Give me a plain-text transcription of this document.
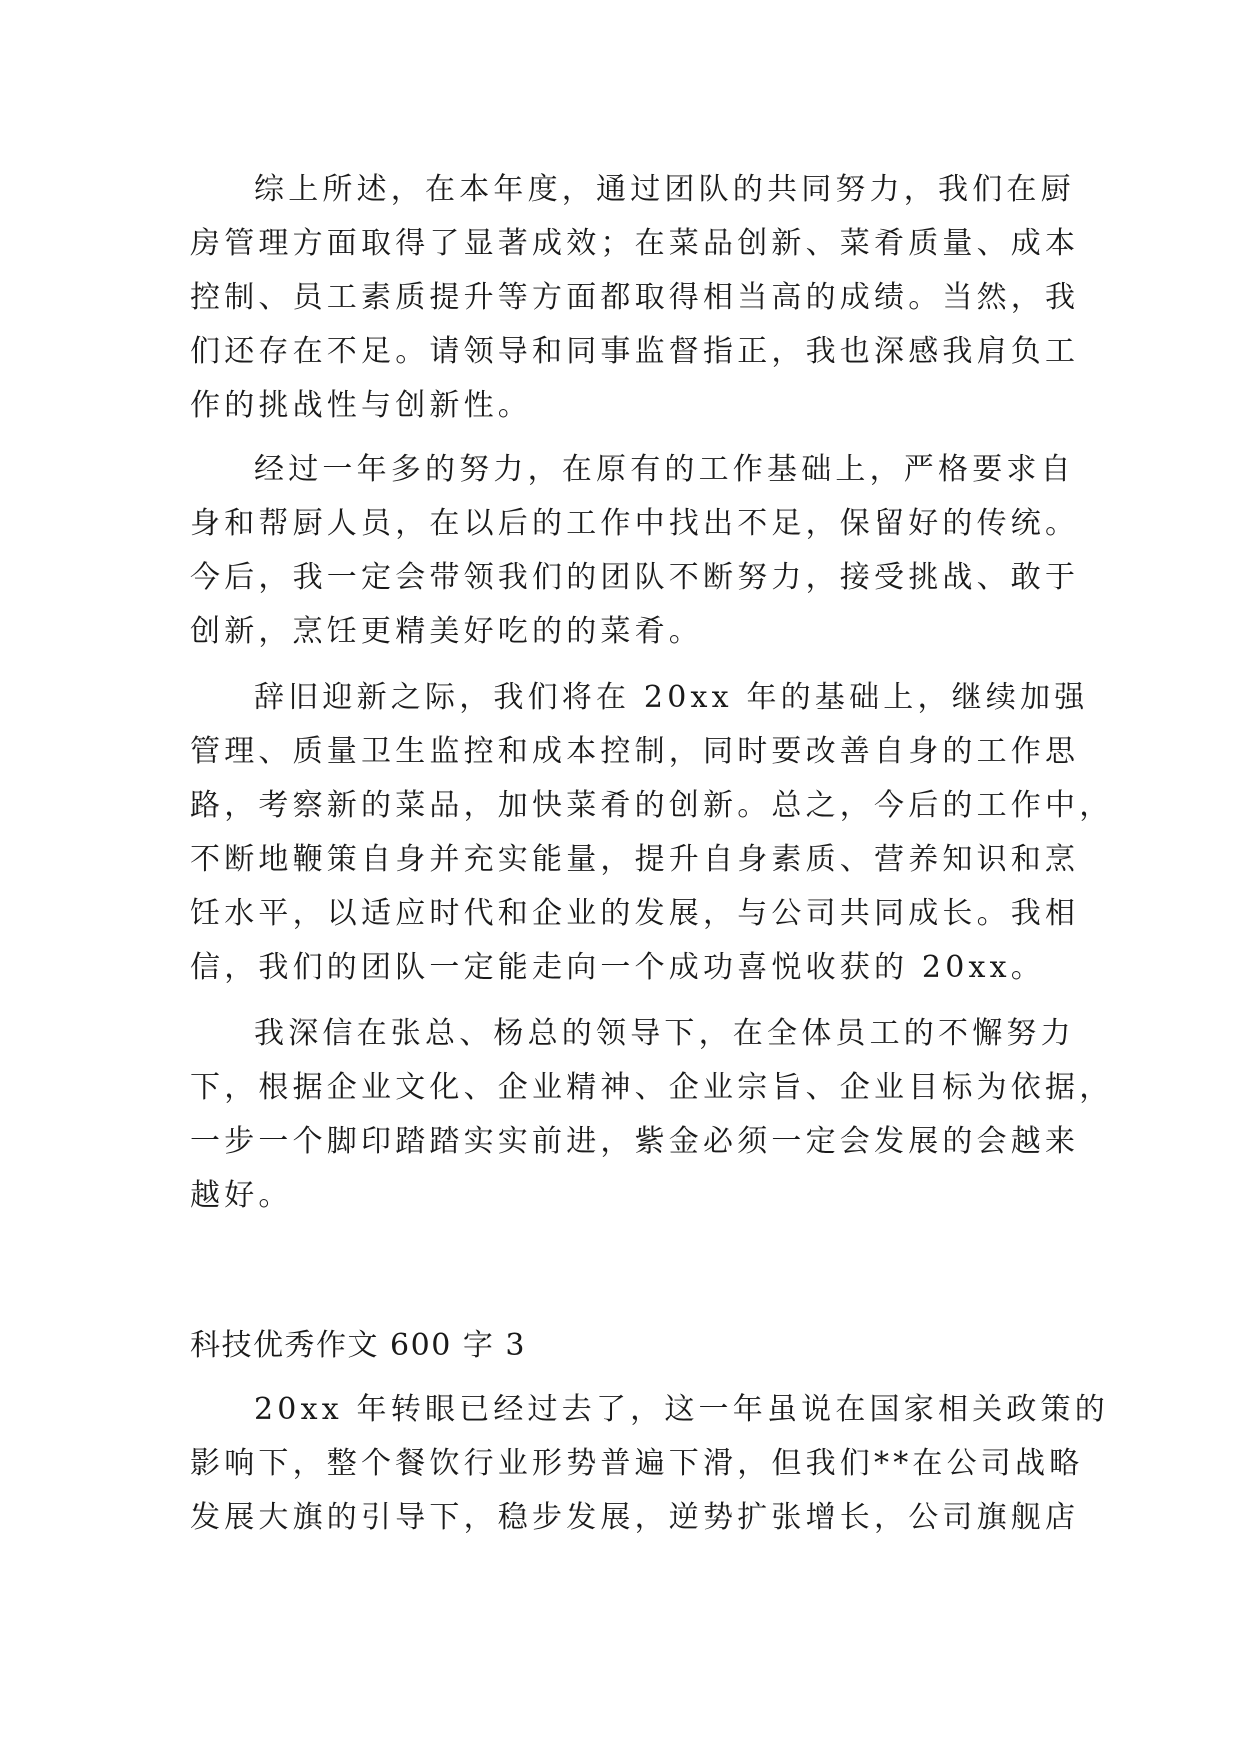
综上所述，在本年度，通过团队的共同努力，我们在厨
房管理方面取得了显著成效；在菜品创新、菜肴质量、成本
控制、员工素质提升等方面都取得相当高的成绩。当然，我
们还存在不足。请领导和同事监督指正，我也深感我肩负工
作的挑战性与创新性。
经过一年多的努力，在原有的工作基础上，严格要求自
身和帮厨人员，在以后的工作中找出不足，保留好的传统。
今后，我一定会带领我们的团队不断努力，接受挑战、敢于
创新，烹饪更精美好吃的的菜肴。
辞旧迎新之际，我们将在 20xx 年的基础上，继续加强
管理、质量卫生监控和成本控制，同时要改善自身的工作思
路，考察新的菜品，加快菜肴的创新。总之，今后的工作中，
不断地鞭策自身并充实能量，提升自身素质、营养知识和烹
饪水平，以适应时代和企业的发展，与公司共同成长。我相
信，我们的团队一定能走向一个成功喜悦收获的 20xx。
我深信在张总、杨总的领导下，在全体员工的不懈努力
下，根据企业文化、企业精神、企业宗旨、企业目标为依据，
一步一个脚印踏踏实实前进，紫金必须一定会发展的会越来
越好。
科技优秀作文 600 字 3
20xx 年转眼已经过去了，这一年虽说在国家相关政策的
影响下，整个餐饮行业形势普遍下滑，但我们**在公司战略
发展大旗的引导下，稳步发展，逆势扩张增长，公司旗舰店
